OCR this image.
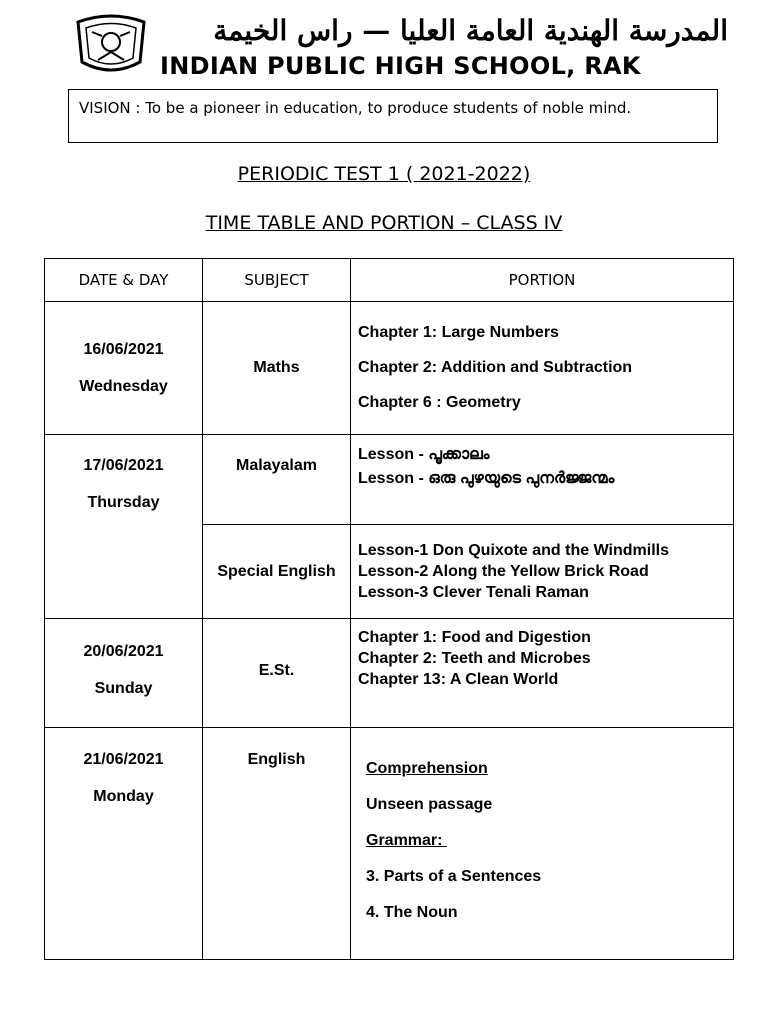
المدرسة الهندية العامة العليا — راس الخيمة
INDIAN PUBLIC HIGH SCHOOL, RAK
VISION : To be a pioneer in education, to produce students of noble mind.
PERIODIC TEST 1 ( 2021-2022)
TIME TABLE AND PORTION – CLASS IV
DATE & DAY	SUBJECT	PORTION

16/06/2021
Wednesday	Maths	Chapter 1: Large Numbers
Chapter 2: Addition and Subtraction
Chapter 6 : Geometry

17/06/2021
Thursday	Malayalam	Lesson - പൂക്കാലം
Lesson - ഒരു പുഴയുടെ പുനർജ്ജന്മം

	Special English	Lesson-1 Don Quixote and the Windmills
Lesson-2 Along the Yellow Brick Road
Lesson-3 Clever Tenali Raman

20/06/2021
Sunday	E.St.	Chapter 1: Food and Digestion
Chapter 2: Teeth and Microbes
Chapter 13: A Clean World

21/06/2021
Monday	English	Comprehension
Unseen passage
Grammar:
3. Parts of a Sentences
4. The Noun
